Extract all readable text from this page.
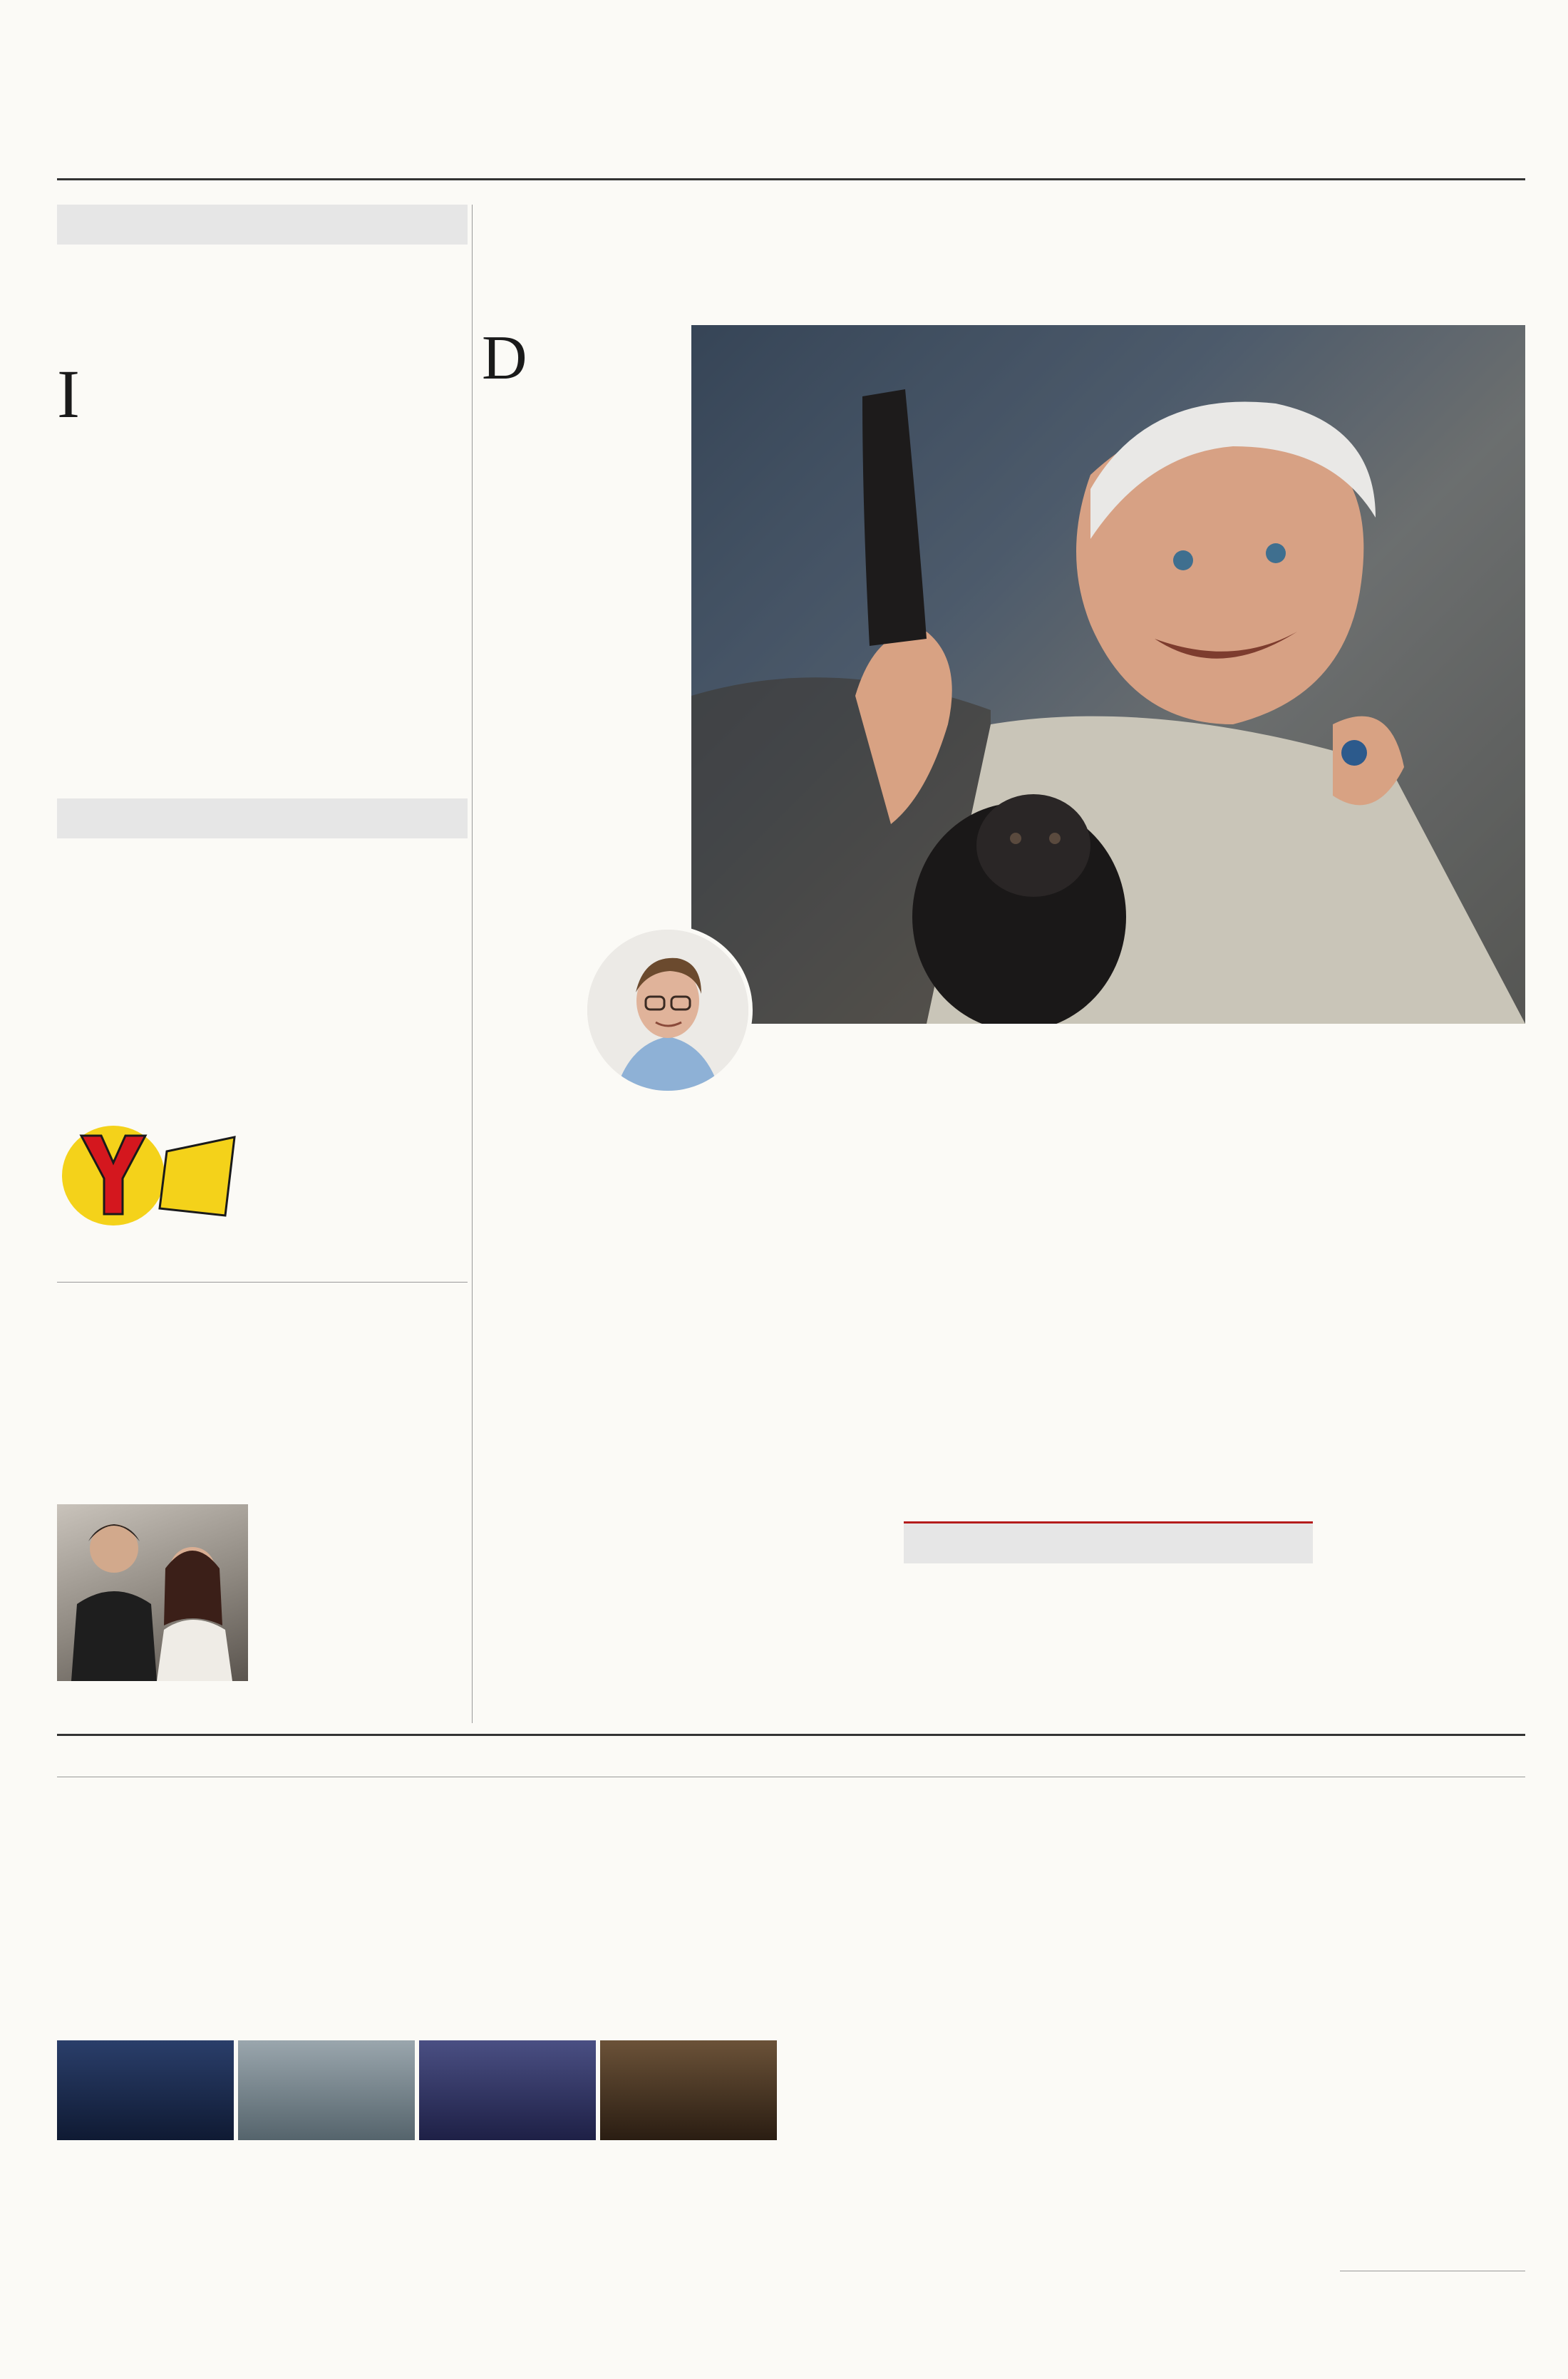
I	D
